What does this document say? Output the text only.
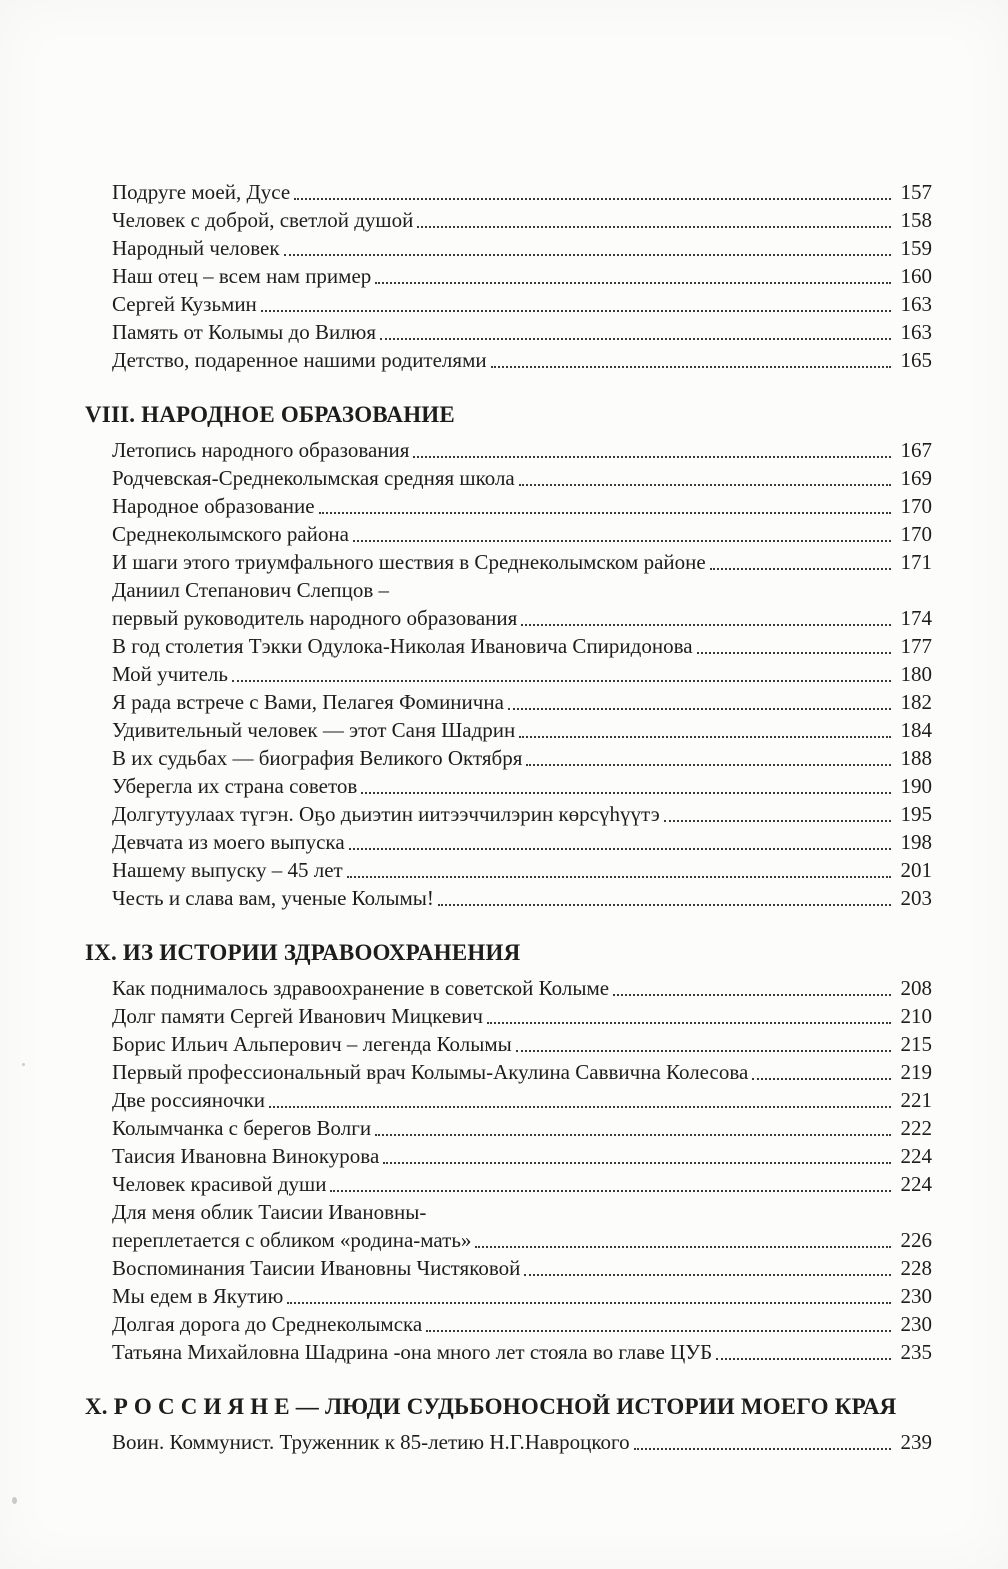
Подруге моей, Дусе	157
Человек с доброй, светлой душой	158
Народный человек	159
Наш отец – всем нам пример	160
Сергей Кузьмин	163
Память от Колымы до Вилюя	163
Детство, подаренное нашими родителями	165
VIII. НАРОДНОЕ ОБРАЗОВАНИЕ
Летопись народного образования	167
Родчевская-Среднеколымская средняя школа	169
Народное образование	170
Среднеколымского района	170
И шаги этого триумфального шествия в Среднеколымском районе	171
Даниил Степанович Слепцов –
первый руководитель народного образования	174
В год столетия Тэкки Одулока-Николая Ивановича Спиридонова	177
Мой учитель	180
Я рада встрече с Вами, Пелагея Фоминична	182
Удивительный человек — этот Саня Шадрин	184
В их судьбах — биография Великого Октября	188
Уберегла их страна советов	190
Долгутуулаах түгэн. Оҕо дьиэтин иитээччилэрин көрсүһүүтэ	195
Девчата из моего выпуска	198
Нашему выпуску – 45 лет	201
Честь и слава вам, ученые Колымы!	203
IX. ИЗ ИСТОРИИ ЗДРАВООХРАНЕНИЯ
Как поднималось здравоохранение в советской Колыме	208
Долг памяти Сергей Иванович Мицкевич	210
Борис Ильич Альперович – легенда Колымы	215
Первый профессиональный врач Колымы-Акулина Саввична Колесова	219
Две россияночки	221
Колымчанка с берегов Волги	222
Таисия Ивановна Винокурова	224
Человек красивой души	224
Для меня облик Таисии Ивановны-
переплетается с обликом «родина-мать»	226
Воспоминания Таисии Ивановны Чистяковой	228
Мы едем в Якутию	230
Долгая дорога до Среднеколымска	230
Татьяна Михайловна Шадрина -она много лет стояла во главе ЦУБ	235
X. Р О С С И Я Н Е — ЛЮДИ СУДЬБОНОСНОЙ ИСТОРИИ МОЕГО КРАЯ
Воин. Коммунист. Труженник к 85-летию Н.Г.Навроцкого	239
